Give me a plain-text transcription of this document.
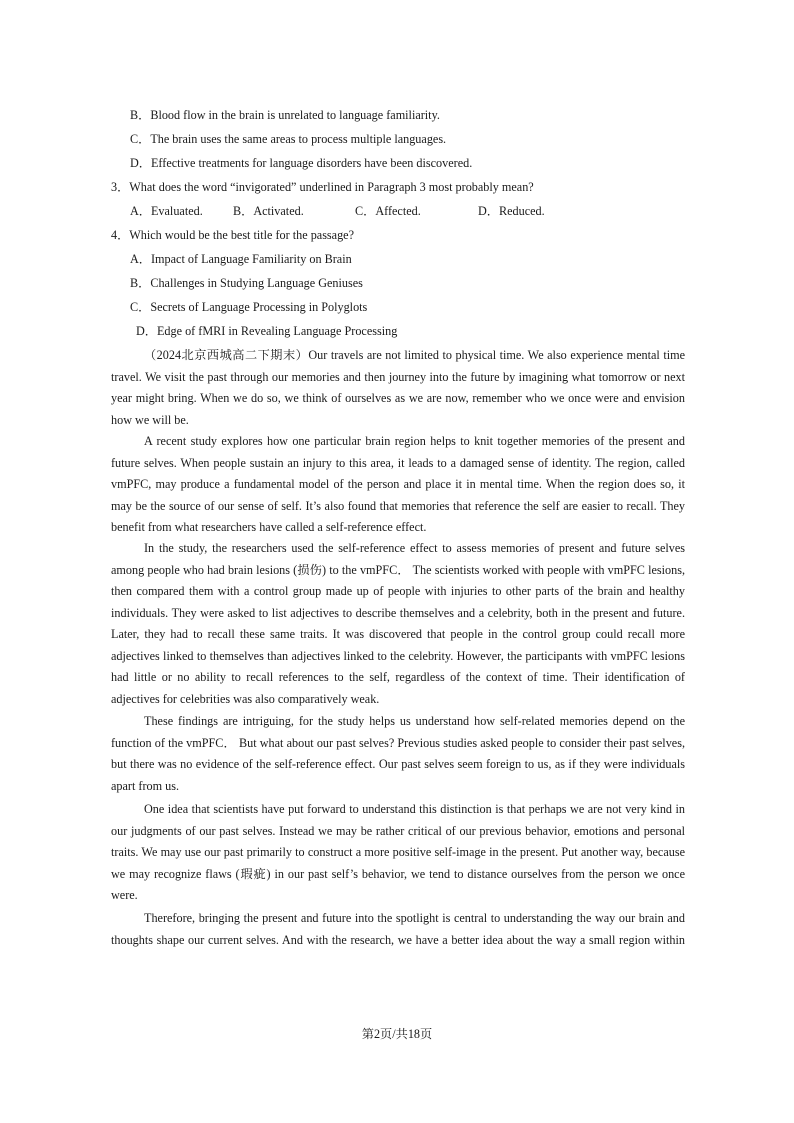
B．Blood flow in the brain is unrelated to language familiarity.
C．The brain uses the same areas to process multiple languages.
D．Effective treatments for language disorders have been discovered.
3．What does the word “invigorated” underlined in Paragraph 3 most probably mean?
A．Evaluated. B．Activated.	C．Affected.	D．Reduced.
4．Which would be the best title for the passage?
A．Impact of Language Familiarity on Brain
B．Challenges in Studying Language Geniuses
C．Secrets of Language Processing in Polyglots
D．Edge of fMRI in Revealing Language Processing

（2024北京西城高二下期末）Our travels are not limited to physical time. We also experience mental time travel. We visit the past through our memories and then journey into the future by imagining what tomorrow or next year might bring. When we do so, we think of ourselves as we are now, remember who we once were and envision how we will be.

A recent study explores how one particular brain region helps to knit together memories of the present and future selves. When people sustain an injury to this area, it leads to a damaged sense of identity. The region, called vmPFC, may produce a fundamental model of the person and place it in mental time. When the region does so, it may be the source of our sense of self. It’s also found that memories that reference the self are easier to recall. They benefit from what researchers have called a self-reference effect.

In the study, the researchers used the self-reference effect to assess memories of present and future selves among people who had brain lesions (损伤) to the vmPFC． The scientists worked with people with vmPFC lesions, then compared them with a control group made up of people with injuries to other parts of the brain and healthy individuals. They were asked to list adjectives to describe themselves and a celebrity, both in the present and future. Later, they had to recall these same traits. It was discovered that people in the control group could recall more adjectives linked to themselves than adjectives linked to the celebrity. However, the participants with vmPFC lesions had little or no ability to recall references to the self, regardless of the context of time. Their identification of adjectives for celebrities was also comparatively weak.

These findings are intriguing, for the study helps us understand how self-related memories depend on the function of the vmPFC． But what about our past selves? Previous studies asked people to consider their past selves, but there was no evidence of the self-reference effect. Our past selves seem foreign to us, as if they were individuals apart from us.

One idea that scientists have put forward to understand this distinction is that perhaps we are not very kind in our judgments of our past selves. Instead we may be rather critical of our previous behavior, emotions and personal traits. We may use our past primarily to construct a more positive self-image in the present. Put another way, because we may recognize flaws (瑕疵) in our past self’s behavior, we tend to distance ourselves from the person we once were.

Therefore, bringing the present and future into the spotlight is central to understanding the way our brain and thoughts shape our current selves. And with the research, we have a better idea about the way a small region within

第2页/共18页
